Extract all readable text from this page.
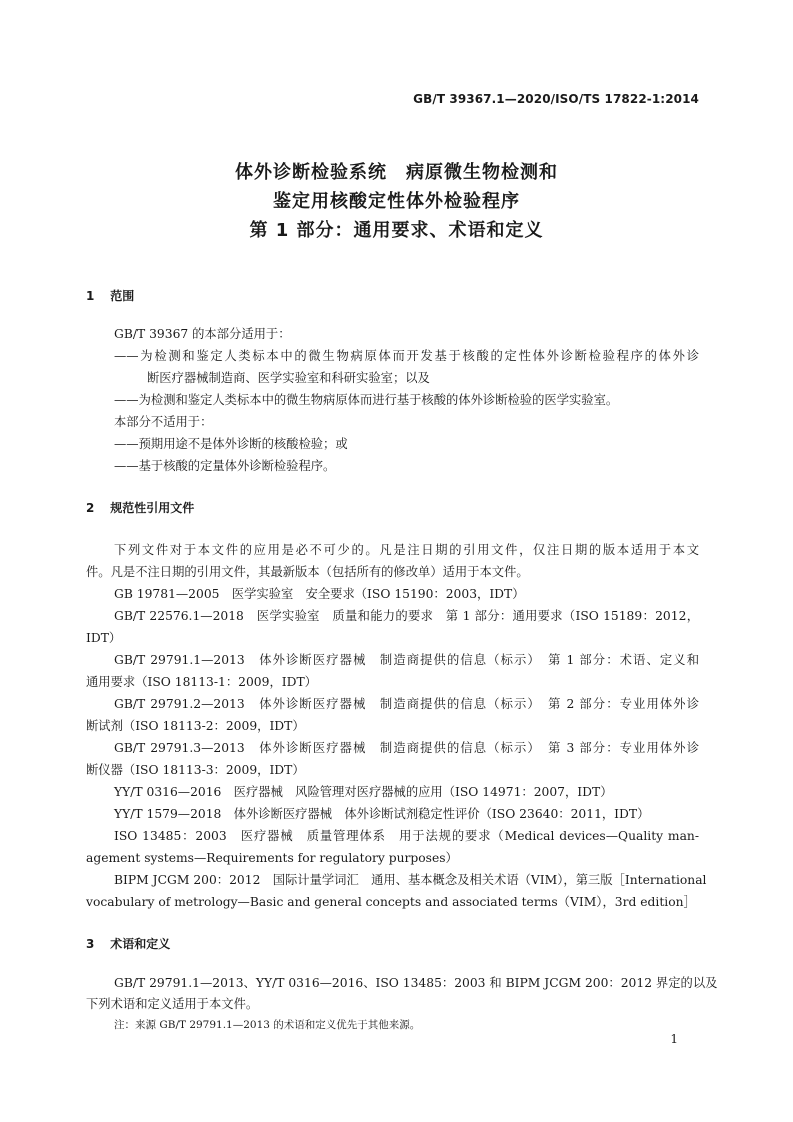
GB/T 39367.1—2020/ISO/TS 17822-1:2014
体外诊断检验系统　病原微生物检测和
鉴定用核酸定性体外检验程序
第 1 部分：通用要求、术语和定义
1 范围
GB/T 39367 的本部分适用于：
——为检测和鉴定人类标本中的微生物病原体而开发基于核酸的定性体外诊断检验程序的体外诊
断医疗器械制造商、医学实验室和科研实验室；以及
——为检测和鉴定人类标本中的微生物病原体而进行基于核酸的体外诊断检验的医学实验室。
本部分不适用于：
——预期用途不是体外诊断的核酸检验；或
——基于核酸的定量体外诊断检验程序。
2 规范性引用文件
下列文件对于本文件的应用是必不可少的。凡是注日期的引用文件，仅注日期的版本适用于本文
件。凡是不注日期的引用文件，其最新版本（包括所有的修改单）适用于本文件。
GB 19781—2005　医学实验室　安全要求（ISO 15190：2003，IDT）
GB/T 22576.1—2018　医学实验室　质量和能力的要求　第 1 部分：通用要求（ISO 15189：2012，
IDT）
GB/T 29791.1—2013　体外诊断医疗器械　制造商提供的信息（标示）　第 1 部分：术语、定义和
通用要求（ISO 18113-1：2009，IDT）
GB/T 29791.2—2013　体外诊断医疗器械　制造商提供的信息（标示）　第 2 部分：专业用体外诊
断试剂（ISO 18113-2：2009，IDT）
GB/T 29791.3—2013　体外诊断医疗器械　制造商提供的信息（标示）　第 3 部分：专业用体外诊
断仪器（ISO 18113-3：2009，IDT）
YY/T 0316—2016　医疗器械　风险管理对医疗器械的应用（ISO 14971：2007，IDT）
YY/T 1579—2018　体外诊断医疗器械　体外诊断试剂稳定性评价（ISO 23640：2011，IDT）
ISO 13485：2003　医疗器械　质量管理体系　用于法规的要求（Medical devices—Quality man-
agement systems—Requirements for regulatory purposes）
BIPM JCGM 200：2012　国际计量学词汇　通用、基本概念及相关术语（VIM），第三版［International
vocabulary of metrology—Basic and general concepts and associated terms（VIM），3rd edition］
3 术语和定义
GB/T 29791.1—2013、YY/T 0316—2016、ISO 13485：2003 和 BIPM JCGM 200：2012 界定的以及
下列术语和定义适用于本文件。
注：来源 GB/T 29791.1—2013 的术语和定义优先于其他来源。
1
